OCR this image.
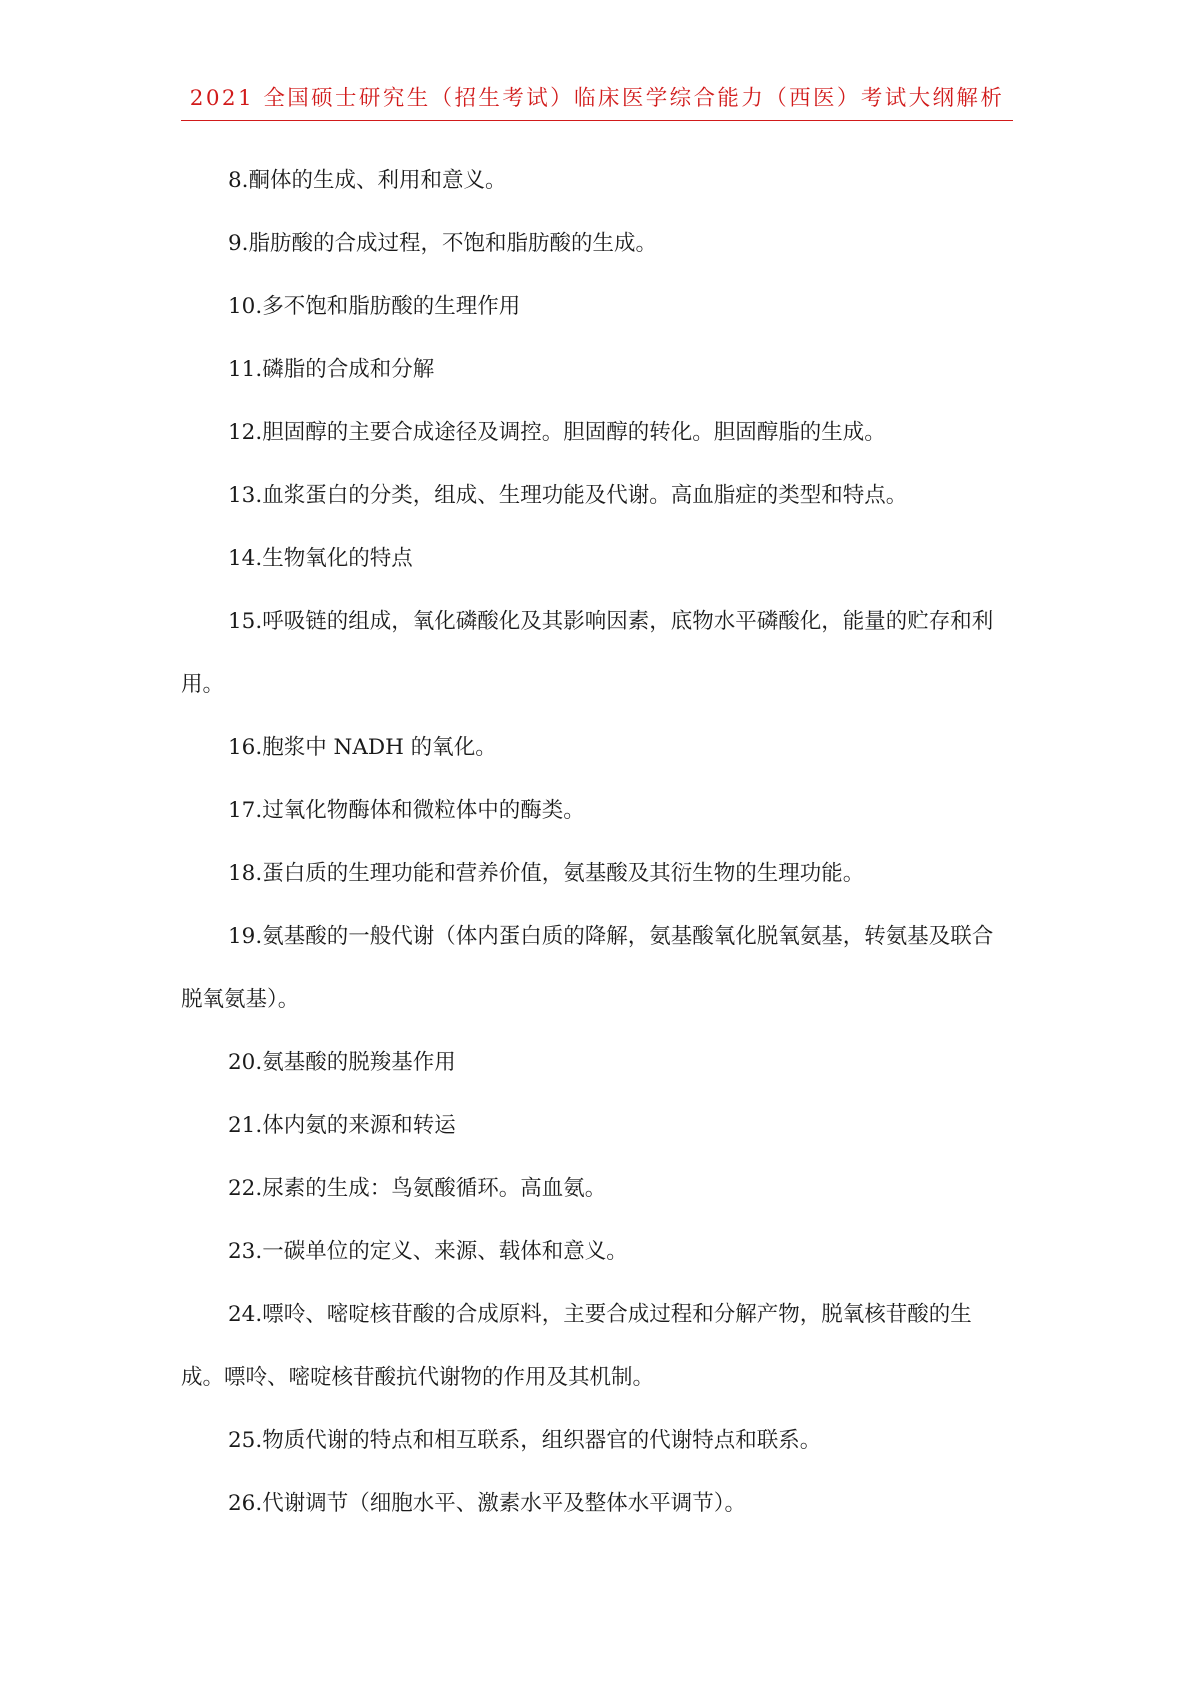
2021 全国硕士研究生（招生考试）临床医学综合能力（西医）考试大纲解析

8.酮体的生成、利用和意义。

9.脂肪酸的合成过程，不饱和脂肪酸的生成。

10.多不饱和脂肪酸的生理作用

11.磷脂的合成和分解

12.胆固醇的主要合成途径及调控。胆固醇的转化。胆固醇脂的生成。

13.血浆蛋白的分类，组成、生理功能及代谢。高血脂症的类型和特点。

14.生物氧化的特点

15.呼吸链的组成，氧化磷酸化及其影响因素，底物水平磷酸化，能量的贮存和利用。

16.胞浆中 NADH 的氧化。

17.过氧化物酶体和微粒体中的酶类。

18.蛋白质的生理功能和营养价值，氨基酸及其衍生物的生理功能。

19.氨基酸的一般代谢（体内蛋白质的降解，氨基酸氧化脱氧氨基，转氨基及联合脱氧氨基）。

20.氨基酸的脱羧基作用

21.体内氨的来源和转运

22.尿素的生成：鸟氨酸循环。高血氨。

23.一碳单位的定义、来源、载体和意义。

24.嘌呤、嘧啶核苷酸的合成原料，主要合成过程和分解产物，脱氧核苷酸的生成。嘌呤、嘧啶核苷酸抗代谢物的作用及其机制。

25.物质代谢的特点和相互联系，组织器官的代谢特点和联系。

26.代谢调节（细胞水平、激素水平及整体水平调节）。
